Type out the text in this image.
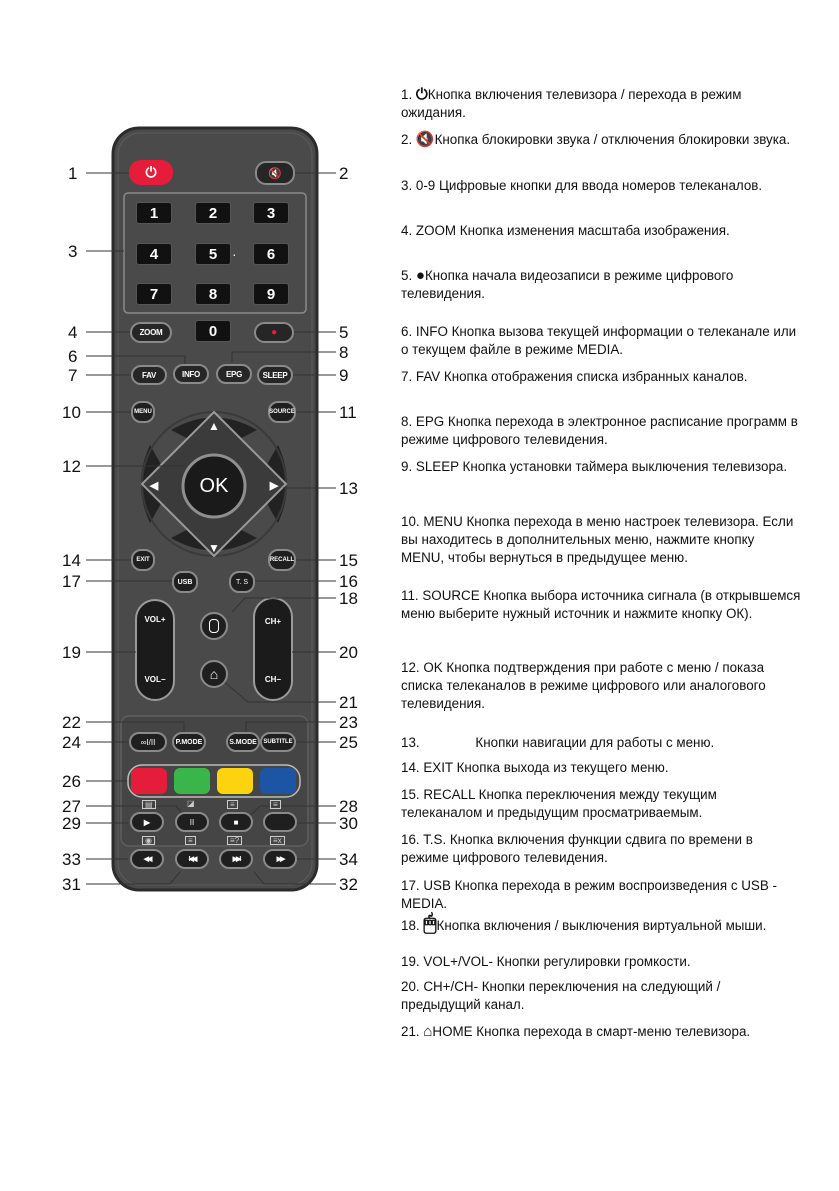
1	2
3
4	5
6	8
7	9
10	11
12
13
14	15
17	16
18
19	20
21
22	23
24	25
26
27	28
29	30
33	34
31	32
⏻	🔇
1	2	3
4	5	6
7	8	9
0
·
ZOOM	●
INFO	EPG
FAV	SLEEP
MENU	SOURCE
▲
▼
◀	▶
OK
EXIT	RECALL
USB	T. S
⌂
VOL+
VOL−
CH+
CH−
P.MODE	S.MODE
∞I/II	SUBTITLE
▤	◪	≡	≡
▶	II	■
◉	≡	≡?	≡x
◀◀	I◀◀	▶▶I	▶▶
1. ⏻Кнопка включения телевизора / перехода в режим ожидания.
2. 🔇Кнопка блокировки звука / отключения блокировки звука.
3. 0-9 Цифровые кнопки для ввода номеров телеканалов.
4. ZOOM Кнопка изменения масштаба изображения.
5. ●Кнопка начала видеозаписи в режиме цифрового телевидения.
6. INFO Кнопка вызова текущей информации о телеканале или о текущем файле в режиме MEDIA.
7. FAV Кнопка отображения списка избранных каналов.
8. EPG Кнопка перехода в электронное расписание программ в режиме цифрового телевидения.
9. SLEEP Кнопка установки таймера выключения телевизора.
10. MENU Кнопка перехода в меню настроек телевизора. Если вы находитесь в дополнительных меню, нажмите кнопку MENU, чтобы вернуться в предыдущее меню.
11. SOURCE Кнопка выбора источника сигнала (в открывшемся меню выберите нужный источник и нажмите кнопку ОК).
12. OK Кнопка подтверждения при работе с меню / показа списка телеканалов в режиме цифрового или аналогового телевидения.
13.               Кнопки навигации для работы с меню.
14. EXIT Кнопка выхода из текущего меню.
15. RECALL Кнопка переключения между текущим телеканалом и предыдущим просматриваемым.
16. T.S. Кнопка включения функции сдвига по времени в режиме цифрового телевидения.
17. USB Кнопка перехода в режим воспроизведения с USB - MEDIA.
18. 🖱Кнопка включения / выключения виртуальной мыши.
19. VOL+/VOL- Кнопки регулировки громкости.
20. CH+/CH- Кнопки переключения на следующий / предыдущий канал.
21. ⌂HOME Кнопка перехода в смарт-меню телевизора.
